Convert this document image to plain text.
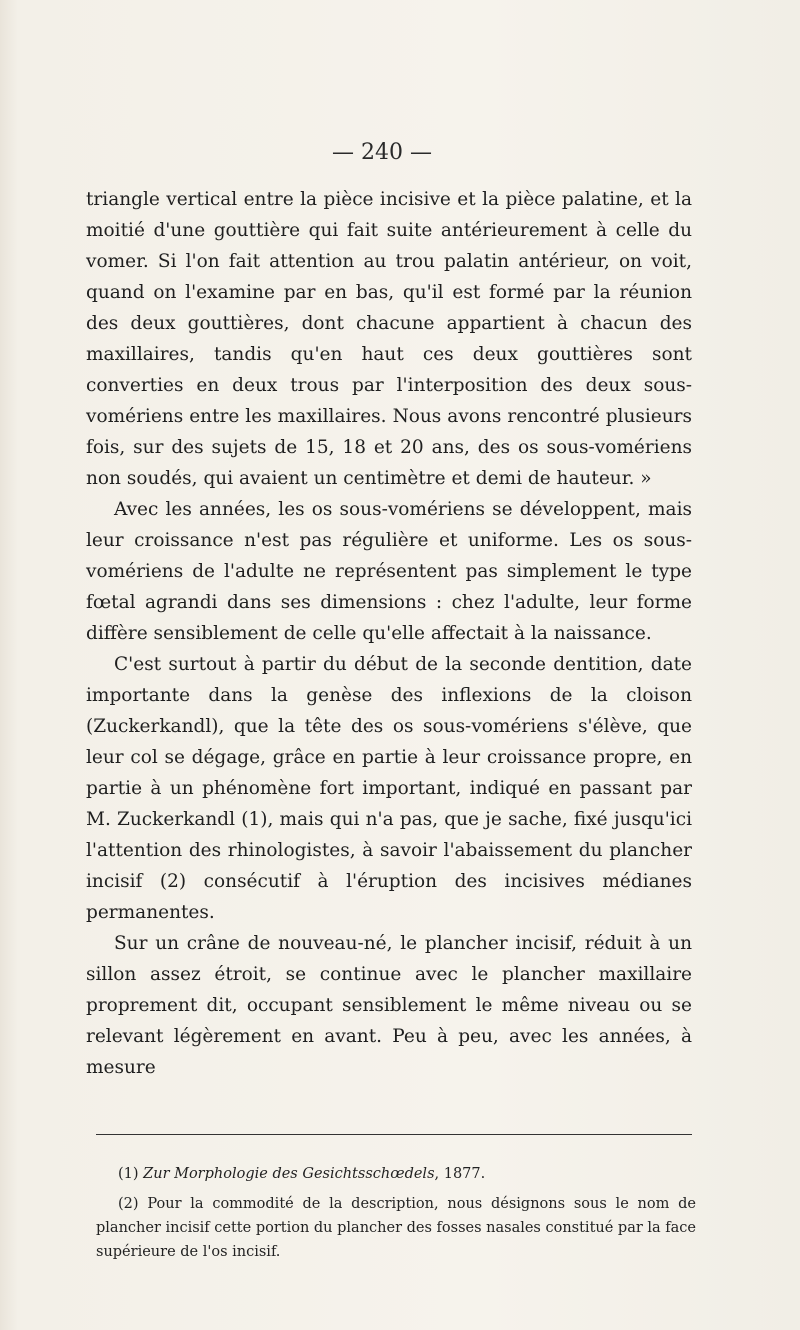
— 240 —

triangle vertical entre la pièce incisive et la pièce palatine, et la moitié d'une gouttière qui fait suite antérieurement à celle du vomer. Si l'on fait attention au trou palatin antérieur, on voit, quand on l'examine par en bas, qu'il est formé par la réunion des deux gouttières, dont chacune appartient à chacun des maxillaires, tandis qu'en haut ces deux gouttières sont converties en deux trous par l'interposition des deux sous-vomériens entre les maxillaires. Nous avons rencontré plusieurs fois, sur des sujets de 15, 18 et 20 ans, des os sous-vomériens non soudés, qui avaient un centimètre et demi de hauteur. »

Avec les années, les os sous-vomériens se développent, mais leur croissance n'est pas régulière et uniforme. Les os sous-vomériens de l'adulte ne représentent pas simplement le type fœtal agrandi dans ses dimensions : chez l'adulte, leur forme diffère sensiblement de celle qu'elle affectait à la naissance.

C'est surtout à partir du début de la seconde dentition, date importante dans la genèse des inflexions de la cloison (Zuckerkandl), que la tête des os sous-vomériens s'élève, que leur col se dégage, grâce en partie à leur croissance propre, en partie à un phénomène fort important, indiqué en passant par M. Zuckerkandl (1), mais qui n'a pas, que je sache, fixé jusqu'ici l'attention des rhinologistes, à savoir l'abaissement du plancher incisif (2) consécutif à l'éruption des incisives médianes permanentes.

Sur un crâne de nouveau-né, le plancher incisif, réduit à un sillon assez étroit, se continue avec le plancher maxillaire proprement dit, occupant sensiblement le même niveau ou se relevant légèrement en avant. Peu à peu, avec les années, à mesure

(1) Zur Morphologie des Gesichtsschœdels, 1877.

(2) Pour la commodité de la description, nous désignons sous le nom de plancher incisif cette portion du plancher des fosses nasales constitué par la face supérieure de l'os incisif.
